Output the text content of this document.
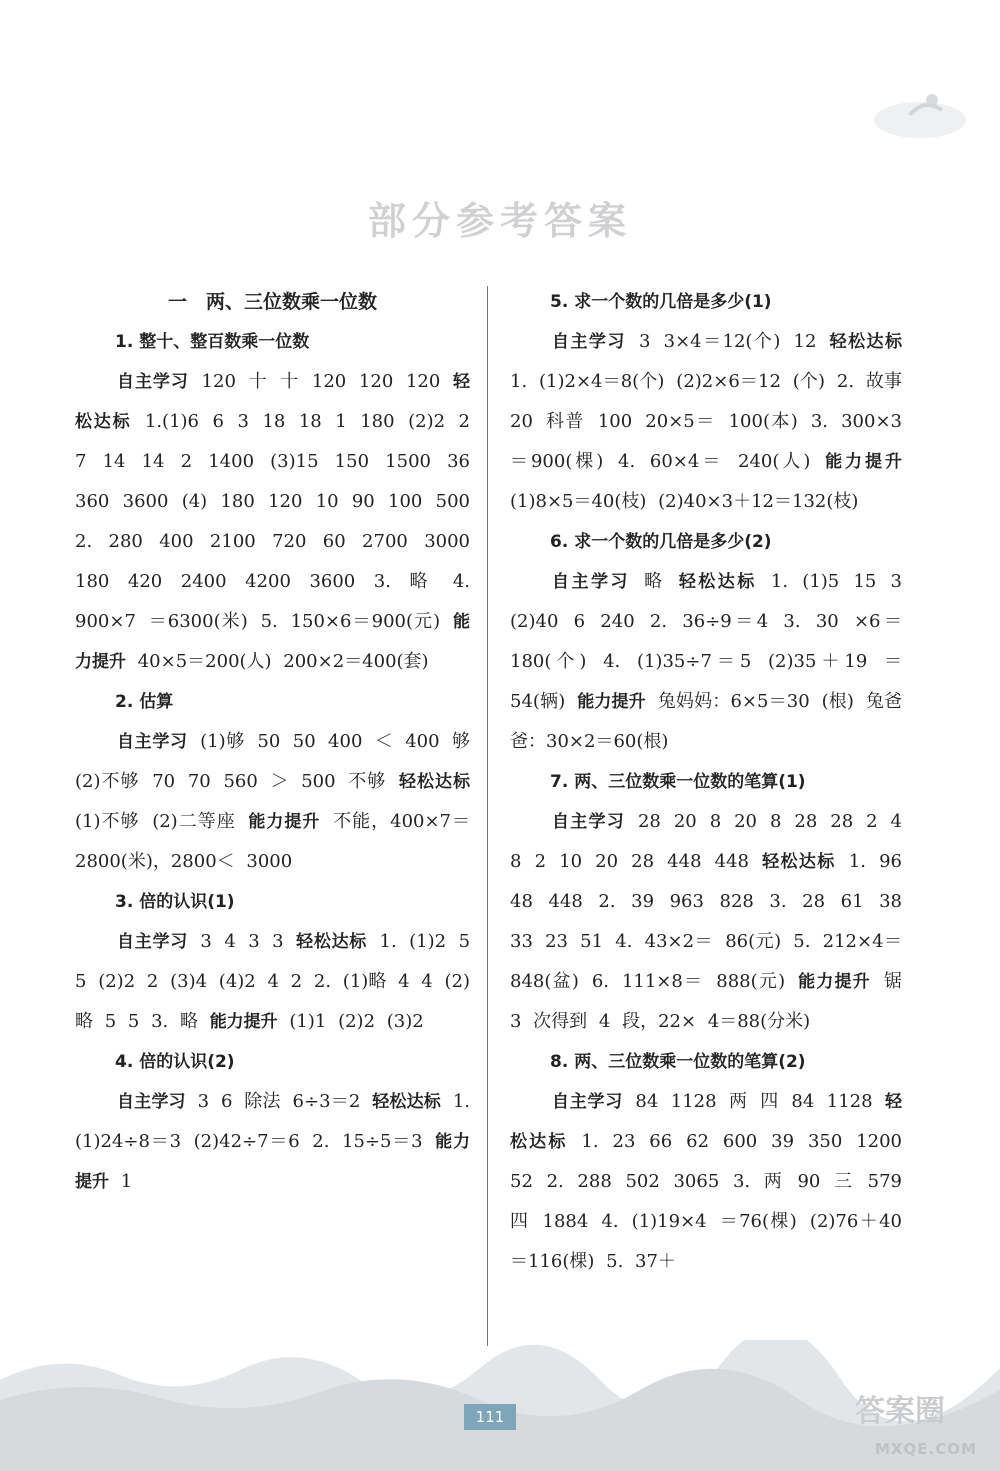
部分参考答案
一　两、三位数乘一位数
1. 整十、整百数乘一位数
自主学习 120 十 十 120 120 120 轻松达标 1.(1)6 6 3 18 18 1 180 (2)2 2 7 14 14 2 1400 (3)15 150 1500 36 360 3600 (4) 180 120 10 90 100 500 2. 280 400 2100 720 60 2700 3000 180 420 2400 4200 3600 3. 略 4. 900×7 ＝6300(米) 5. 150×6＝900(元) 能力提升 40×5＝200(人) 200×2＝400(套)
2. 估算
自主学习 (1)够 50 50 400 ＜ 400 够 (2)不够 70 70 560 ＞ 500 不够 轻松达标 (1)不够 (2)二等座 能力提升 不能，400×7＝2800(米)，2800＜ 3000
3. 倍的认识(1)
自主学习 3 4 3 3 轻松达标 1. (1)2 5 5 (2)2 2 (3)4 (4)2 4 2 2. (1)略 4 4 (2)略 5 5 3. 略 能力提升 (1)1 (2)2 (3)2
4. 倍的认识(2)
自主学习 3 6 除法 6÷3＝2 轻松达标 1. (1)24÷8＝3 (2)42÷7＝6 2. 15÷5＝3 能力提升 1
5. 求一个数的几倍是多少(1)
自主学习 3 3×4＝12(个) 12 轻松达标 1. (1)2×4＝8(个) (2)2×6＝12 (个) 2. 故事 20 科普 100 20×5＝ 100(本) 3. 300×3＝900(棵) 4. 60×4＝ 240(人) 能力提升 (1)8×5＝40(枝) (2)40×3＋12＝132(枝)
6. 求一个数的几倍是多少(2)
自主学习 略 轻松达标 1. (1)5 15 3 (2)40 6 240 2. 36÷9＝4 3. 30 ×6＝180(个) 4. (1)35÷7＝5 (2)35＋19 ＝54(辆) 能力提升 兔妈妈：6×5＝30 (根) 兔爸爸：30×2＝60(根)
7. 两、三位数乘一位数的笔算(1)
自主学习 28 20 8 20 8 28 28 2 4 8 2 10 20 28 448 448 轻松达标 1. 96 48 448 2. 39 963 828 3. 28 61 38 33 23 51 4. 43×2＝ 86(元) 5. 212×4＝848(盆) 6. 111×8＝ 888(元) 能力提升 锯 3 次得到 4 段，22× 4＝88(分米)
8. 两、三位数乘一位数的笔算(2)
自主学习 84 1128 两 四 84 1128 轻松达标 1. 23 66 62 600 39 350 1200 52 2. 288 502 3065 3. 两 90 三 579 四 1884 4. (1)19×4 ＝76(棵) (2)76＋40＝116(棵) 5. 37＋
111	答案圈
MXQE.COM
